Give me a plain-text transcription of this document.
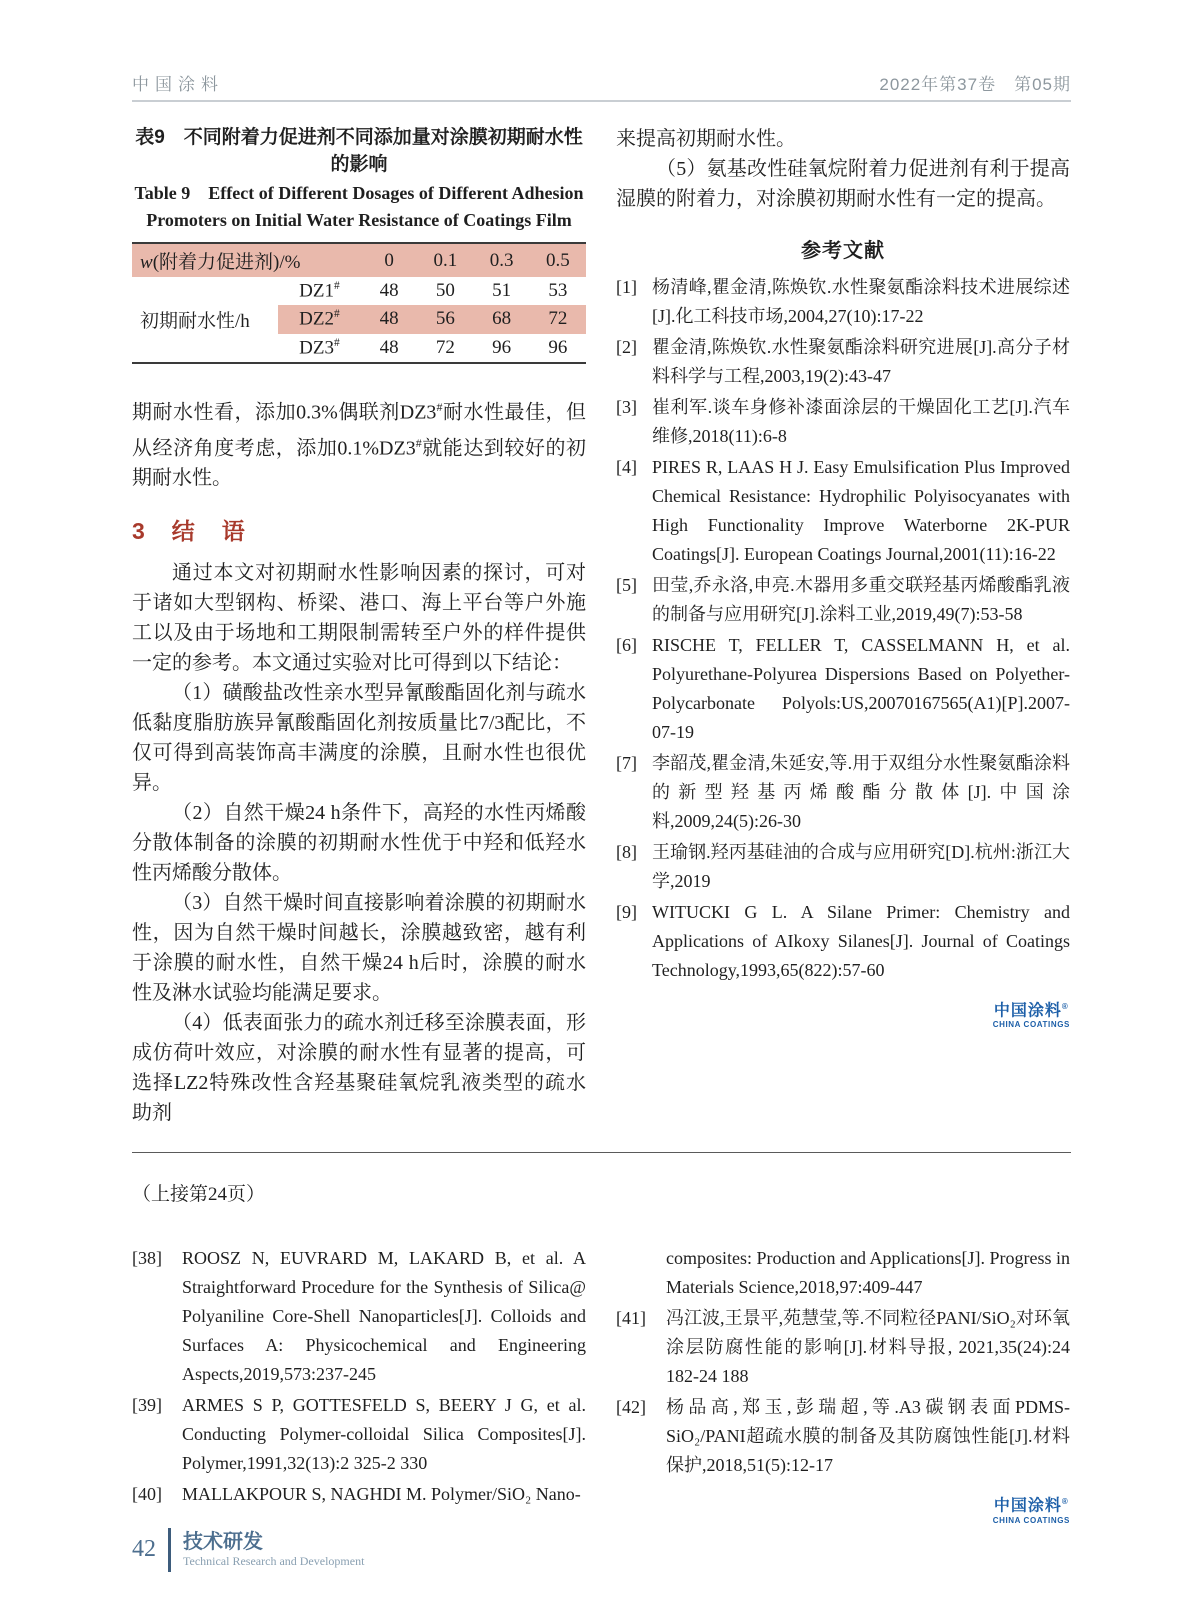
中国涂料	2022年第37卷　第05期
表9　不同附着力促进剂不同添加量对涂膜初期耐水性的影响
Table 9　Effect of Different Dosages of Different Adhesion Promoters on Initial Water Resistance of Coatings Film
w(附着力促进剂)/%		0	0.1	0.3	0.5
初期耐水性/h	DZ1#	48	50	51	53
	DZ2#	48	56	68	72
	DZ3#	48	72	96	96

期耐水性看，添加0.3%偶联剂DZ3#耐水性最佳，但从经济角度考虑，添加0.1%DZ3#就能达到较好的初期耐水性。

3　结　语

通过本文对初期耐水性影响因素的探讨，可对于诸如大型钢构、桥梁、港口、海上平台等户外施工以及由于场地和工期限制需转至户外的样件提供一定的参考。本文通过实验对比可得到以下结论：

（1）磺酸盐改性亲水型异氰酸酯固化剂与疏水低黏度脂肪族异氰酸酯固化剂按质量比7/3配比，不仅可得到高装饰高丰满度的涂膜，且耐水性也很优异。

（2）自然干燥24 h条件下，高羟的水性丙烯酸分散体制备的涂膜的初期耐水性优于中羟和低羟水性丙烯酸分散体。

（3）自然干燥时间直接影响着涂膜的初期耐水性，因为自然干燥时间越长，涂膜越致密，越有利于涂膜的耐水性，自然干燥24 h后时，涂膜的耐水性及淋水试验均能满足要求。

（4）低表面张力的疏水剂迁移至涂膜表面，形成仿荷叶效应，对涂膜的耐水性有显著的提高，可选择LZ2特殊改性含羟基聚硅氧烷乳液类型的疏水助剂

来提高初期耐水性。

（5）氨基改性硅氧烷附着力促进剂有利于提高湿膜的附着力，对涂膜初期耐水性有一定的提高。

参考文献
[1] 杨清峰,瞿金清,陈焕钦.水性聚氨酯涂料技术进展综述[J].化工科技市场,2004,27(10):17-22
[2] 瞿金清,陈焕钦.水性聚氨酯涂料研究进展[J].高分子材料科学与工程,2003,19(2):43-47
[3] 崔利军.谈车身修补漆面涂层的干燥固化工艺[J].汽车维修,2018(11):6-8
[4] PIRES R, LAAS H J. Easy Emulsification Plus Improved Chemical Resistance: Hydrophilic Polyisocyanates with High Functionality Improve Waterborne 2K-PUR Coatings[J]. European Coatings Journal,2001(11):16-22
[5] 田莹,乔永洛,申亮.木器用多重交联羟基丙烯酸酯乳液的制备与应用研究[J].涂料工业,2019,49(7):53-58
[6] RISCHE T, FELLER T, CASSELMANN H, et al. Polyurethane-Polyurea Dispersions Based on Polyether-Polycarbonate Polyols:US,20070167565(A1)[P].2007-07-19
[7] 李韶茂,瞿金清,朱延安,等.用于双组分水性聚氨酯涂料的新型羟基丙烯酸酯分散体[J].中国涂料,2009,24(5):26-30
[8] 王瑜钢.羟丙基硅油的合成与应用研究[D].杭州:浙江大学,2019
[9] WITUCKI G L. A Silane Primer: Chemistry and Applications of AIkoxy Silanes[J]. Journal of Coatings Technology,1993,65(822):57-60
中国涂料®
CHINA COATINGS
（上接第24页）
[38]	ROOSZ N, EUVRARD M, LAKARD B, et al. A Straightforward Procedure for the Synthesis of Silica@ Polyaniline Core-Shell Nanoparticles[J]. Colloids and Surfaces A: Physicochemical and Engineering Aspects,2019,573:237-245
[39]	ARMES S P, GOTTESFELD S, BEERY J G, et al. Conducting Polymer-colloidal Silica Composites[J]. Polymer,1991,32(13):2 325-2 330
[40]	MALLAKPOUR S, NAGHDI M. Polymer/SiO₂ Nano-
composites: Production and Applications[J]. Progress in Materials Science,2018,97:409-447
[41]	冯江波,王景平,苑慧莹,等.不同粒径PANI/SiO₂对环氧涂层防腐性能的影响[J].材料导报, 2021,35(24):24 182-24 188
[42]	杨品高,郑玉,彭瑞超,等.A3碳钢表面PDMS-SiO₂/PANI超疏水膜的制备及其防腐蚀性能[J].材料保护,2018,51(5):12-17
中国涂料®
CHINA COATINGS
42 技术研发
Technical Research and Development
